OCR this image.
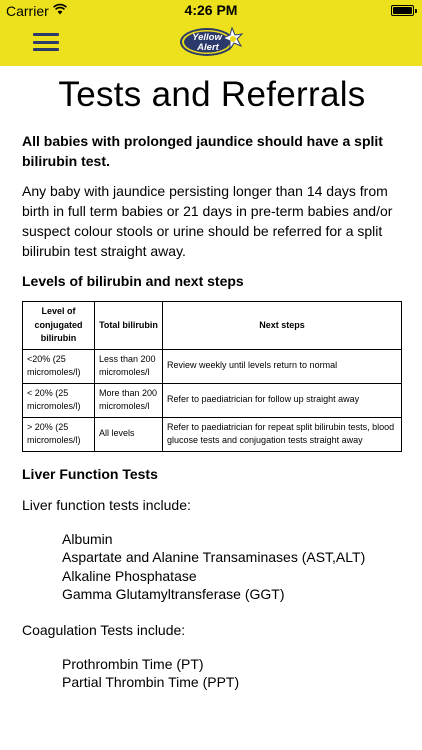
Carrier	4:26 PM
Yellow
Alert
Tests and Referrals

All babies with prolonged jaundice should have a split bilirubin test.

Any baby with jaundice persisting longer than 14 days from birth in full term babies or 21 days in pre-term babies and/or suspect colour stools or urine should be referred for a split bilirubin test straight away.

Levels of bilirubin and next steps

Level of conjugated bilirubin	Total bilirubin	Next steps
<20% (25 micromoles/l)	Less than 200 micromoles/l	Review weekly until levels return to normal
< 20% (25 micromoles/l)	More than 200 micromoles/l	Refer to paediatrician for follow up straight away
> 20% (25 micromoles/l)	All levels	Refer to paediatrician for repeat split bilirubin tests, blood glucose tests and conjugation tests straight away

Liver Function Tests

Liver function tests include:

Albumin
Aspartate and Alanine Transaminases (AST,ALT)
Alkaline Phosphatase
Gamma Glutamyltransferase (GGT)

Coagulation Tests include:

Prothrombin Time (PT)
Partial Thrombin Time (PPT)
